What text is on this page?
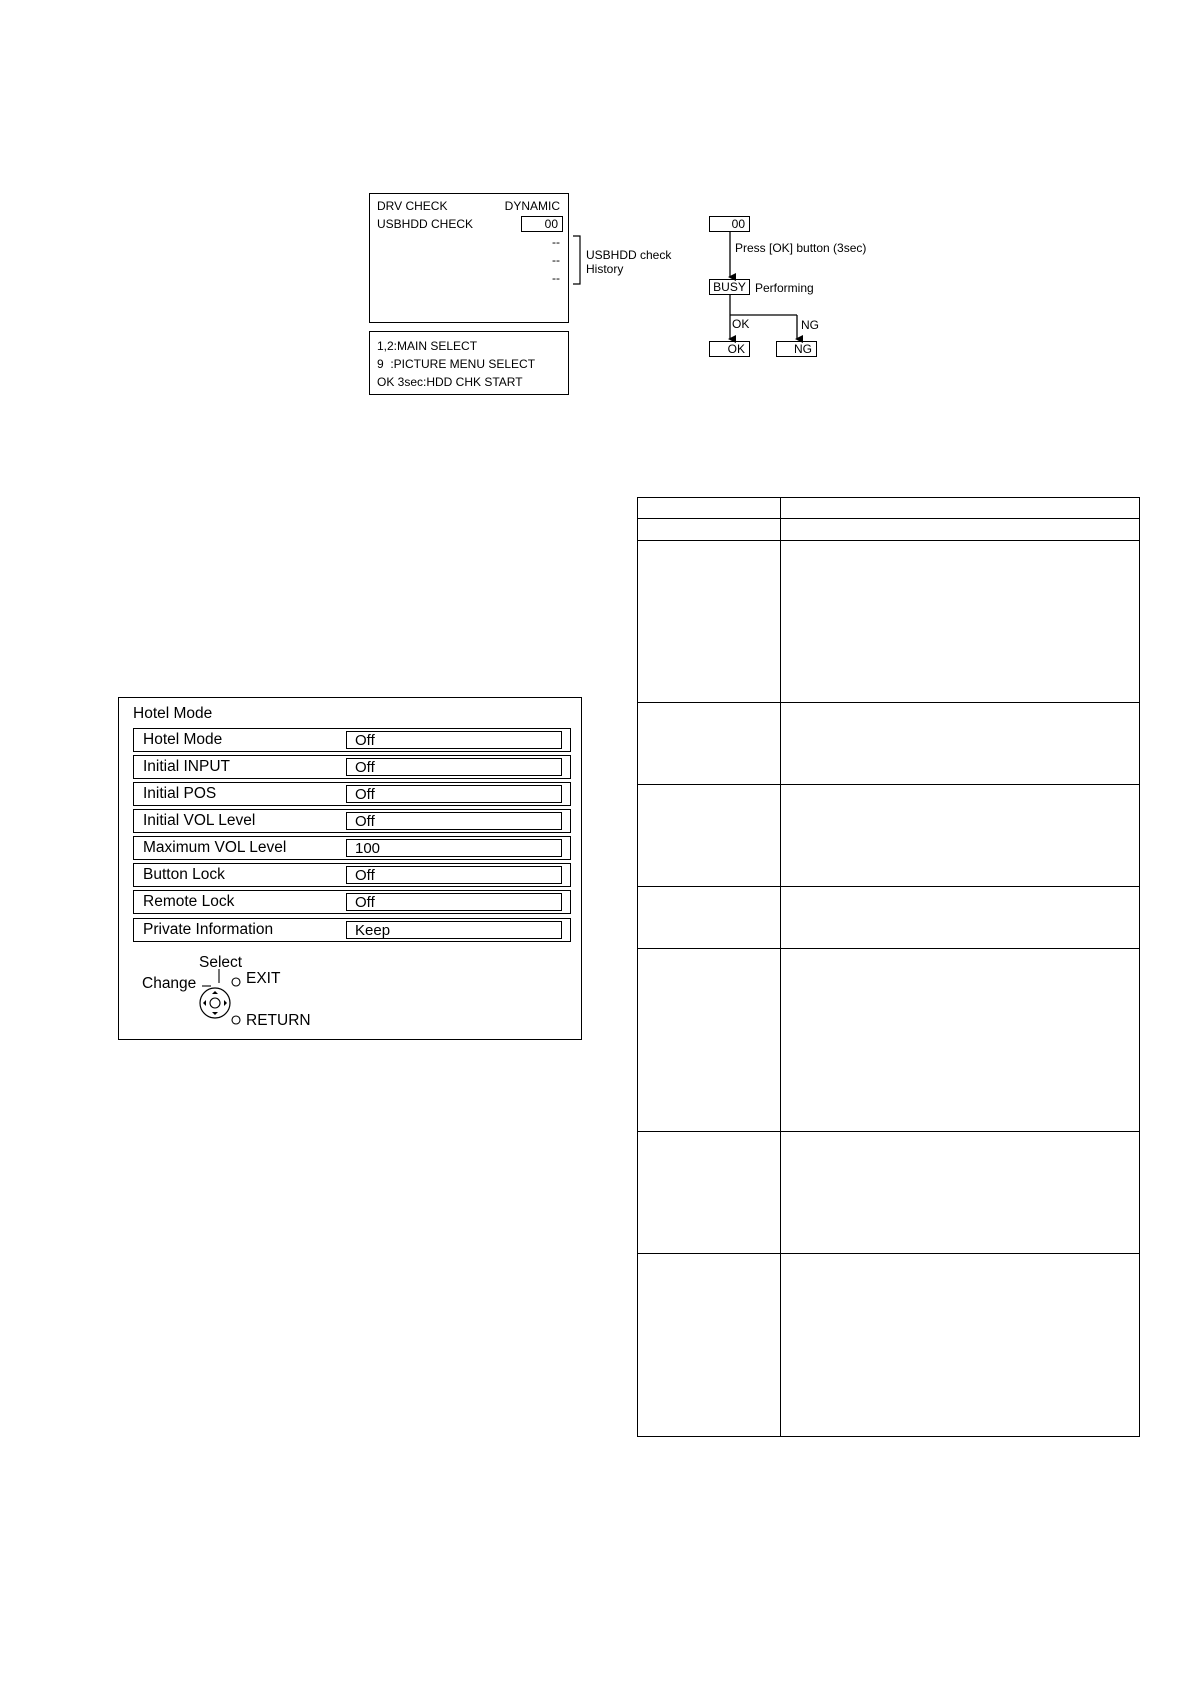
DRV CHECK	DYNAMIC
USBHDD CHECK	00
--
--
--
USBHDD check
History
1,2:MAIN SELECT
9  :PICTURE MENU SELECT
OK 3sec:HDD CHK START
00
Press [OK] button (3sec)
BUSY Performing
OK	NG
OK	NG
Hotel Mode
Hotel Mode	Off
Initial INPUT	Off
Initial POS	Off
Initial VOL Level	Off
Maximum VOL Level	100
Button Lock	Off
Remote Lock	Off
Private Information	Keep
Select
Change	EXIT
RETURN
